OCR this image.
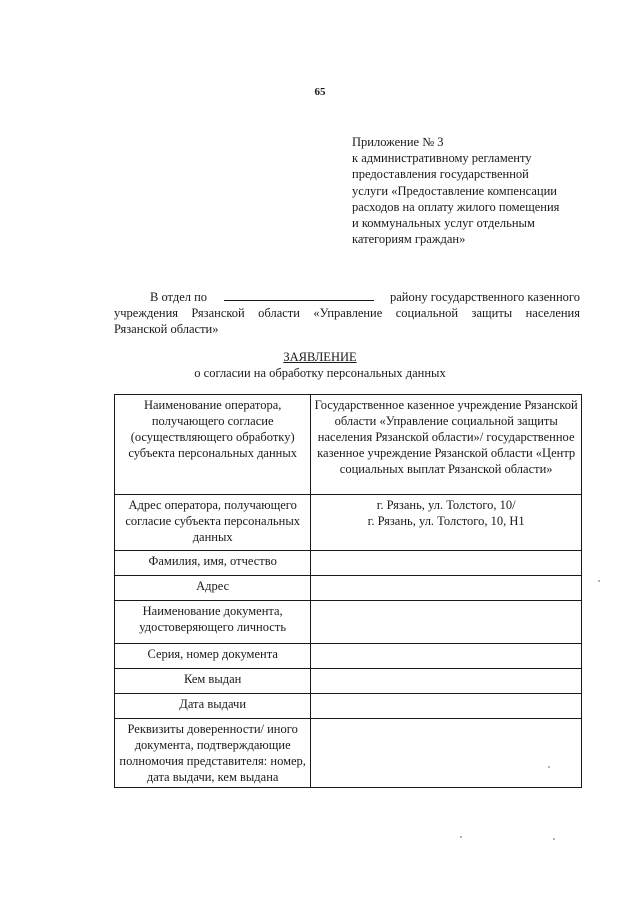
65
Приложение № 3
к административному регламенту
предоставления государственной
услуги «Предоставление компенсации
расходов на оплату жилого помещения
и коммунальных услуг отдельным
категориям граждан»
В отдел по	району государственного казенного
учреждения Рязанской области «Управление социальной защиты населения
Рязанской области»
ЗАЯВЛЕНИЕ
о согласии на обработку персональных данных
Наименование оператора, получающего согласие (осуществляющего обработку) субъекта персональных данных	Государственное казенное учреждение Рязанской области «Управление социальной защиты населения Рязанской области»/ государственное казенное учреждение Рязанской области «Центр социальных выплат Рязанской области»
Адрес оператора, получающего согласие субъекта персональных данных	г. Рязань, ул. Толстого, 10/
г. Рязань, ул. Толстого, 10, Н1

Фамилия, имя, отчество	
Адрес	
Наименование документа, удостоверяющего личность	
Серия, номер документа	
Кем выдан	
Дата выдачи	
Реквизиты доверенности/ иного документа, подтверждающие полномочия представителя: номер, дата выдачи, кем выдана	
